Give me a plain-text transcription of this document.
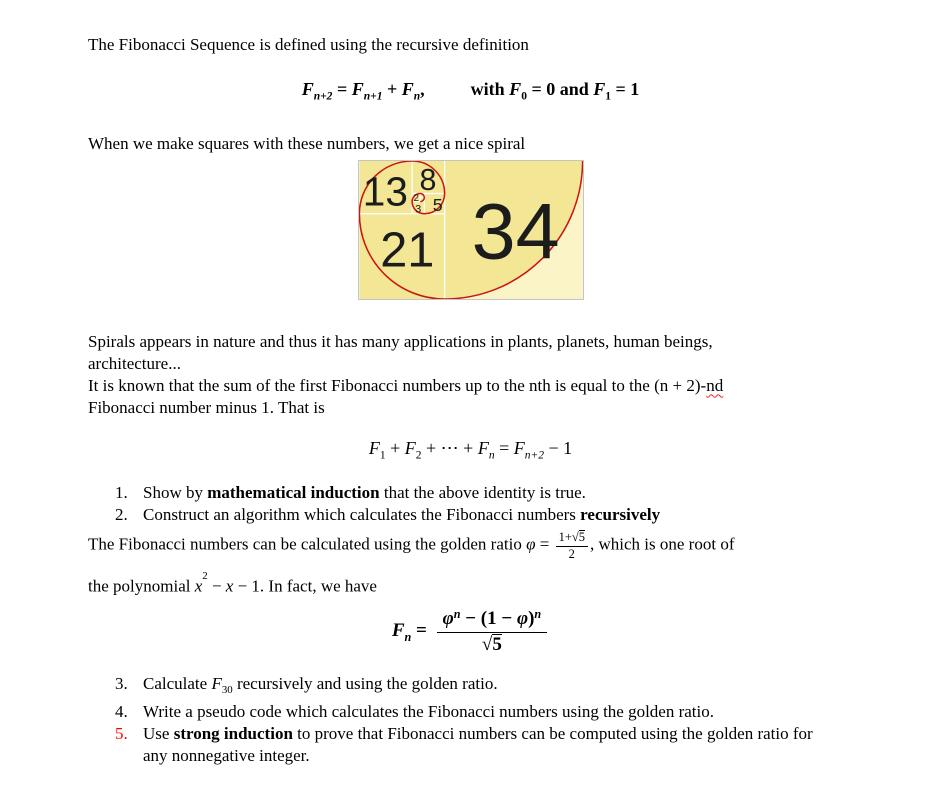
The Fibonacci Sequence is defined using the recursive definition

$F_{n+2} = F_{n+1} + F_n$,	with $F_0 = 0$ and $F_1 = 1$

When we make squares with these numbers, we get a nice spiral

13 8
5
3
2
21 34

Spirals appears in nature and thus it has many applications in plants, planets, human beings,

architecture...

It is known that the sum of the first Fibonacci numbers up to the nth is equal to the (n + 2)-nd

Fibonacci number minus 1. That is

$F_1 + F_2$ + ⋯ + $F_n = F_{n+2} - 1$
1. Show by mathematical induction that the above identity is true.
2. Construct an algorithm which calculates the Fibonacci numbers recursively

The Fibonacci numbers can be calculated using the golden ratio $\varphi = \frac{1+√5}{2}$ , which is one root of

the polynomial $x^2 - x - 1$. In fact, we have

$F_n = \frac{\varphi^n - (1 - \varphi)^n}{√5}$
3. Calculate $F_{30}$ recursively and using the golden ratio.
4. Write a pseudo code which calculates the Fibonacci numbers using the golden ratio.
5. Use strong induction to prove that Fibonacci numbers can be computed using the golden ratio for any nonnegative integer.
